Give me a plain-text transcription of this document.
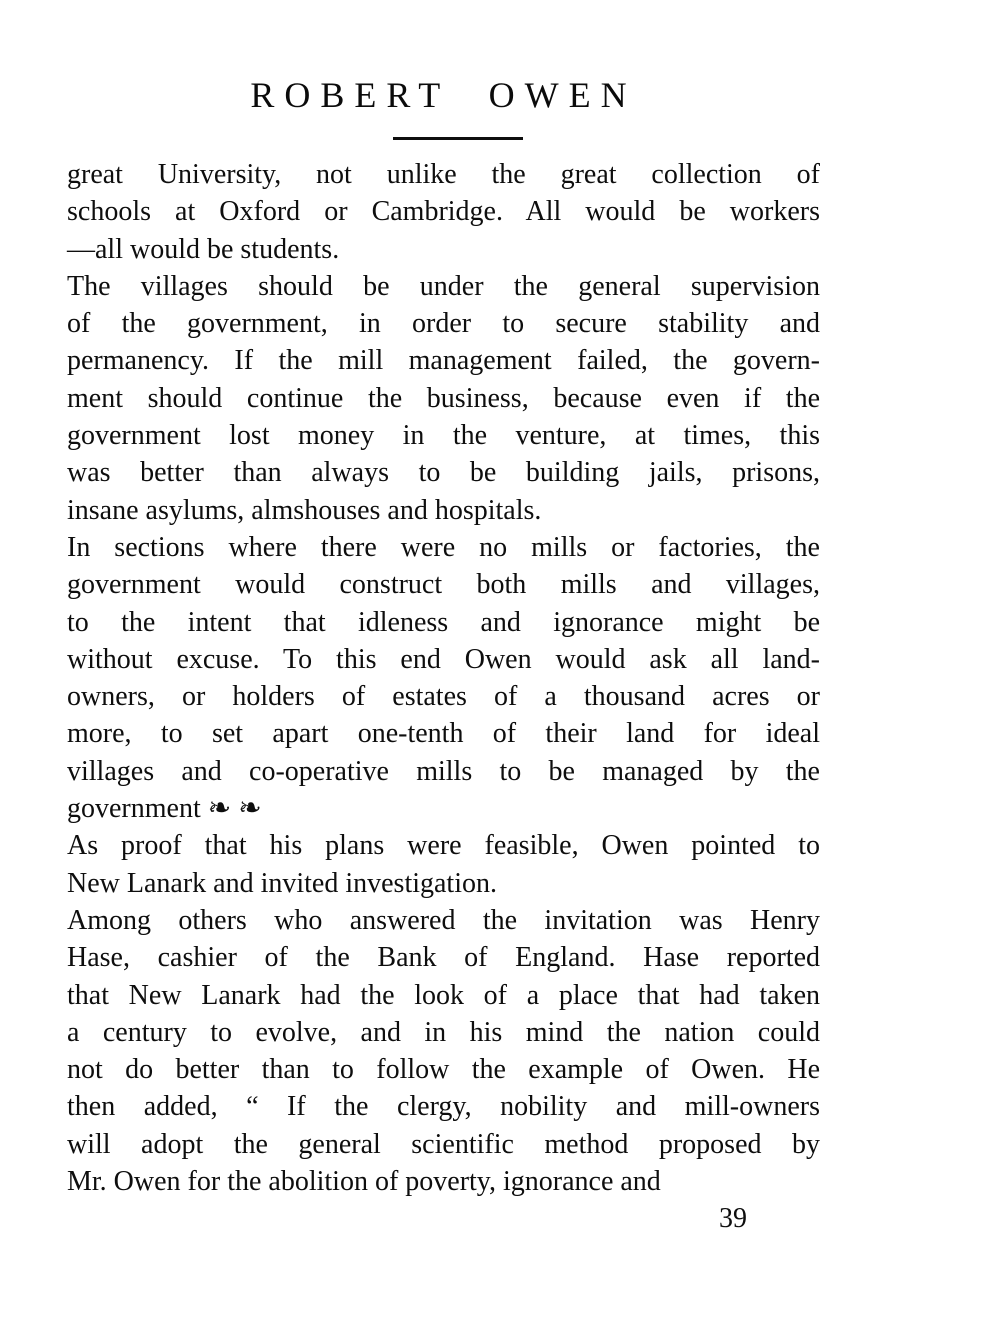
ROBERT OWEN
great University, not unlike the great collection of
schools at Oxford or Cambridge. All would be workers
—all would be students.
The villages should be under the general supervision
of the government, in order to secure stability and
permanency. If the mill management failed, the govern-
ment should continue the business, because even if the
government lost money in the venture, at times, this
was better than always to be building jails, prisons,
insane asylums, almshouses and hospitals.
In sections where there were no mills or factories, the
government would construct both mills and villages,
to the intent that idleness and ignorance might be
without excuse. To this end Owen would ask all land-
owners, or holders of estates of a thousand acres or
more, to set apart one-tenth of their land for ideal
villages and co-operative mills to be managed by the
government ❧ ❧
As proof that his plans were feasible, Owen pointed to
New Lanark and invited investigation.
Among others who answered the invitation was Henry
Hase, cashier of the Bank of England. Hase reported
that New Lanark had the look of a place that had taken
a century to evolve, and in his mind the nation could
not do better than to follow the example of Owen. He
then added, “ If the clergy, nobility and mill-owners
will adopt the general scientific method proposed by
Mr. Owen for the abolition of poverty, ignorance and
39
